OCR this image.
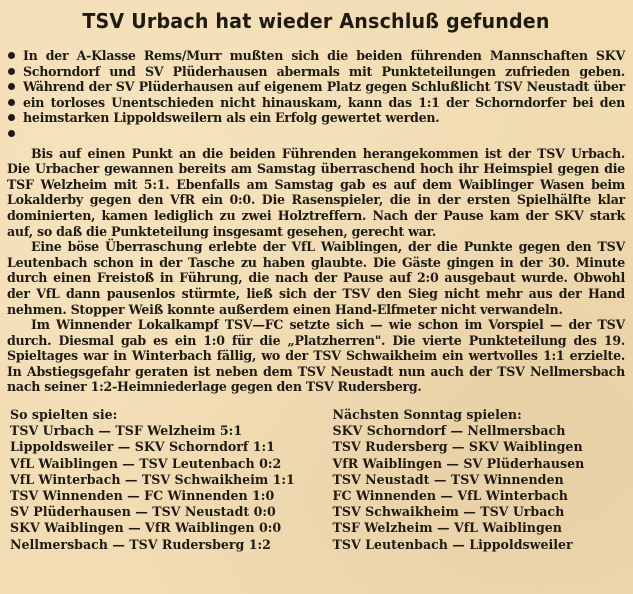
TSV Urbach hat wieder Anschluß gefunden

In der A-Klasse Rems/Murr mußten sich die beiden führenden Mannschaften SKV Schorndorf und SV Plüderhausen abermals mit Punkteteilungen zufrieden geben. Während der SV Plüderhausen auf eigenem Platz gegen Schlußlicht TSV Neustadt über ein torloses Unentschieden nicht hinauskam, kann das 1:1 der Schorndorfer bei den heimstarken Lippoldsweilern als ein Erfolg gewertet werden.

Bis auf einen Punkt an die beiden Führenden herangekommen ist der TSV Urbach. Die Urbacher gewannen bereits am Samstag überraschend hoch ihr Heimspiel gegen die TSF Welzheim mit 5:1. Ebenfalls am Samstag gab es auf dem Waiblinger Wasen beim Lokalderby gegen den VfR ein 0:0. Die Rasenspieler, die in der ersten Spielhälfte klar dominierten, kamen lediglich zu zwei Holztreffern. Nach der Pause kam der SKV stark auf, so daß die Punkteteilung insgesamt gesehen, gerecht war.

Eine böse Überraschung erlebte der VfL Waiblingen, der die Punkte gegen den TSV Leutenbach schon in der Tasche zu haben glaubte. Die Gäste gingen in der 30. Minute durch einen Freistoß in Führung, die nach der Pause auf 2:0 ausgebaut wurde. Obwohl der VfL dann pausenlos stürmte, ließ sich der TSV den Sieg nicht mehr aus der Hand nehmen. Stopper Weiß konnte außerdem einen Hand-Elfmeter nicht verwandeln.

Im Winnender Lokalkampf TSV—FC setzte sich — wie schon im Vorspiel — der TSV durch. Diesmal gab es ein 1:0 für die „Platzherren". Die vierte Punkteteilung des 19. Spieltages war in Winterbach fällig, wo der TSV Schwaikheim ein wertvolles 1:1 erzielte. In Abstiegsgefahr geraten ist neben dem TSV Neustadt nun auch der TSV Nellmersbach nach seiner 1:2-Heimniederlage gegen den TSV Rudersberg.

So spielten sie:
TSV Urbach — TSF Welzheim 5:1
Lippoldsweiler — SKV Schorndorf 1:1
VfL Waiblingen — TSV Leutenbach 0:2
VfL Winterbach — TSV Schwaikheim 1:1
TSV Winnenden — FC Winnenden 1:0
SV Plüderhausen — TSV Neustadt 0:0
SKV Waiblingen — VfR Waiblingen 0:0
Nellmersbach — TSV Rudersberg 1:2
Nächsten Sonntag spielen:
SKV Schorndorf — Nellmersbach
TSV Rudersberg — SKV Waiblingen
VfR Waiblingen — SV Plüderhausen
TSV Neustadt — TSV Winnenden
FC Winnenden — VfL Winterbach
TSV Schwaikheim — TSV Urbach
TSF Welzheim — VfL Waiblingen
TSV Leutenbach — Lippoldsweiler
